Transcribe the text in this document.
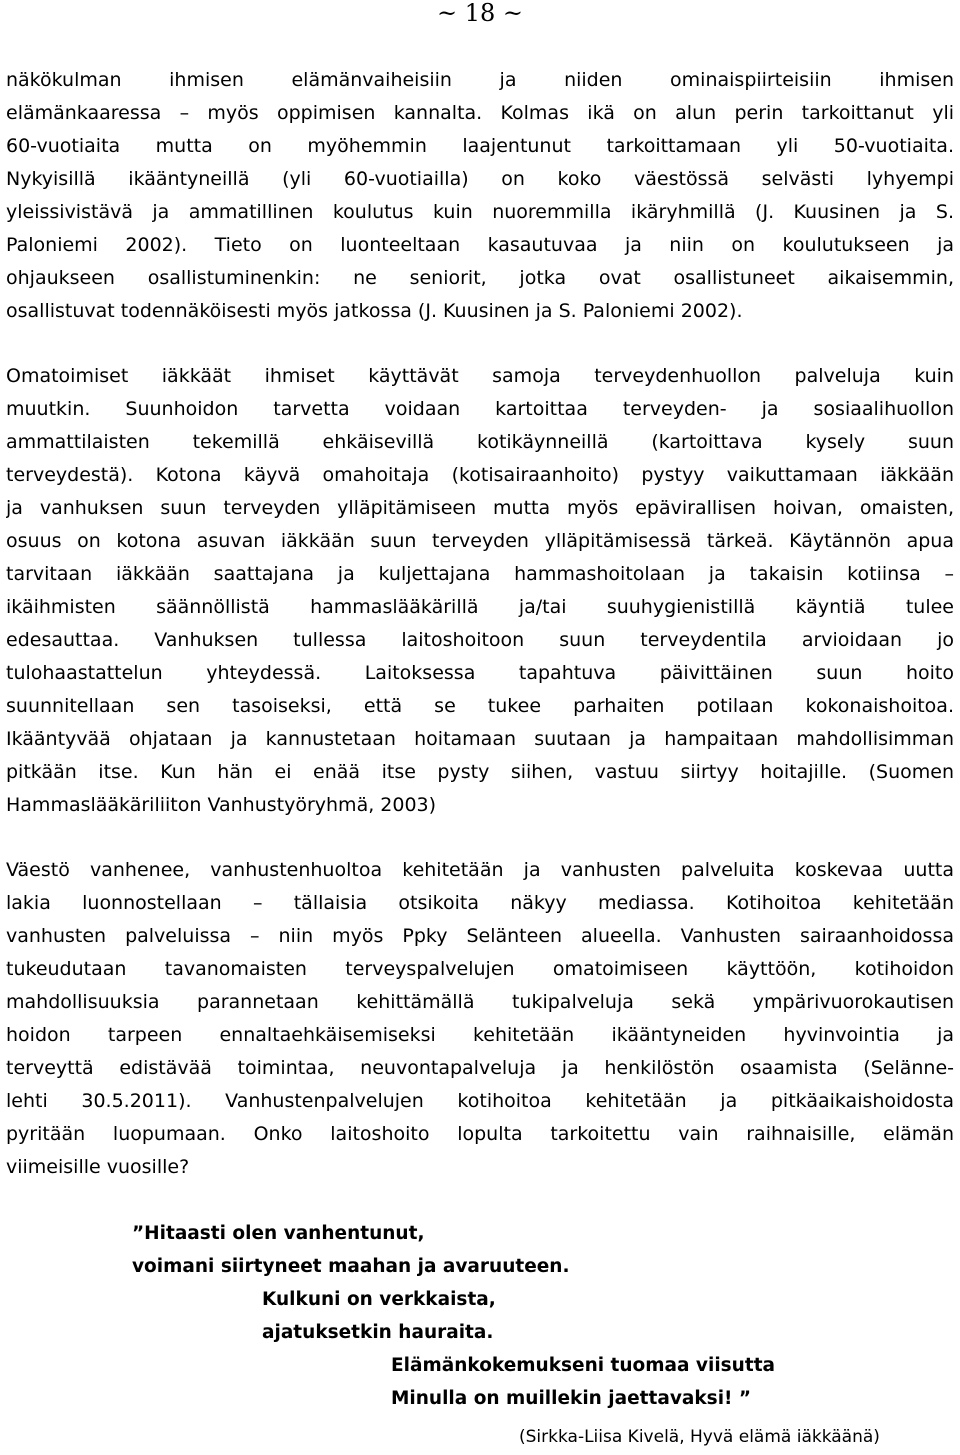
~ 18 ~
näkökulman ihmisen elämänvaiheisiin ja niiden ominaispiirteisiin ihmisen
elämänkaaressa – myös oppimisen kannalta. Kolmas ikä on alun perin tarkoittanut yli
60-vuotiaita mutta on myöhemmin laajentunut tarkoittamaan yli 50-vuotiaita.
Nykyisillä ikääntyneillä (yli 60-vuotiailla) on koko väestössä selvästi lyhyempi
yleissivistävä ja ammatillinen koulutus kuin nuoremmilla ikäryhmillä (J. Kuusinen ja S.
Paloniemi 2002). Tieto on luonteeltaan kasautuvaa ja niin on koulutukseen ja
ohjaukseen osallistuminenkin: ne seniorit, jotka ovat osallistuneet aikaisemmin,
osallistuvat todennäköisesti myös jatkossa (J. Kuusinen ja S. Paloniemi 2002).
Omatoimiset iäkkäät ihmiset käyttävät samoja terveydenhuollon palveluja kuin
muutkin. Suunhoidon tarvetta voidaan kartoittaa terveyden- ja sosiaalihuollon
ammattilaisten tekemillä ehkäisevillä kotikäynneillä (kartoittava kysely suun
terveydestä). Kotona käyvä omahoitaja (kotisairaanhoito) pystyy vaikuttamaan iäkkään
ja vanhuksen suun terveyden ylläpitämiseen mutta myös epävirallisen hoivan, omaisten,
osuus on kotona asuvan iäkkään suun terveyden ylläpitämisessä tärkeä. Käytännön apua
tarvitaan iäkkään saattajana ja kuljettajana hammashoitolaan ja takaisin kotiinsa –
ikäihmisten säännöllistä hammaslääkärillä ja/tai suuhygienistillä käyntiä tulee
edesauttaa. Vanhuksen tullessa laitoshoitoon suun terveydentila arvioidaan jo
tulohaastattelun yhteydessä. Laitoksessa tapahtuva päivittäinen suun hoito
suunnitellaan sen tasoiseksi, että se tukee parhaiten potilaan kokonaishoitoa.
Ikääntyvää ohjataan ja kannustetaan hoitamaan suutaan ja hampaitaan mahdollisimman
pitkään itse. Kun hän ei enää itse pysty siihen, vastuu siirtyy hoitajille. (Suomen
Hammaslääkäriliiton Vanhustyöryhmä, 2003)
Väestö vanhenee, vanhustenhuoltoa kehitetään ja vanhusten palveluita koskevaa uutta
lakia luonnostellaan – tällaisia otsikoita näkyy mediassa. Kotihoitoa kehitetään
vanhusten palveluissa – niin myös Ppky Selänteen alueella. Vanhusten sairaanhoidossa
tukeudutaan tavanomaisten terveyspalvelujen omatoimiseen käyttöön, kotihoidon
mahdollisuuksia parannetaan kehittämällä tukipalveluja sekä ympärivuorokautisen
hoidon tarpeen ennaltaehkäisemiseksi kehitetään ikääntyneiden hyvinvointia ja
terveyttä edistävää toimintaa, neuvontapalveluja ja henkilöstön osaamista (Selänne-
lehti 30.5.2011). Vanhustenpalvelujen kotihoitoa kehitetään ja pitkäaikaishoidosta
pyritään luopumaan. Onko laitoshoito lopulta tarkoitettu vain raihnaisille, elämän
viimeisille vuosille?
”Hitaasti olen vanhentunut,
voimani siirtyneet maahan ja avaruuteen.
Kulkuni on verkkaista,
ajatuksetkin hauraita.
Elämänkokemukseni tuomaa viisutta
Minulla on muillekin jaettavaksi! ”
(Sirkka-Liisa Kivelä, Hyvä elämä iäkkäänä)
